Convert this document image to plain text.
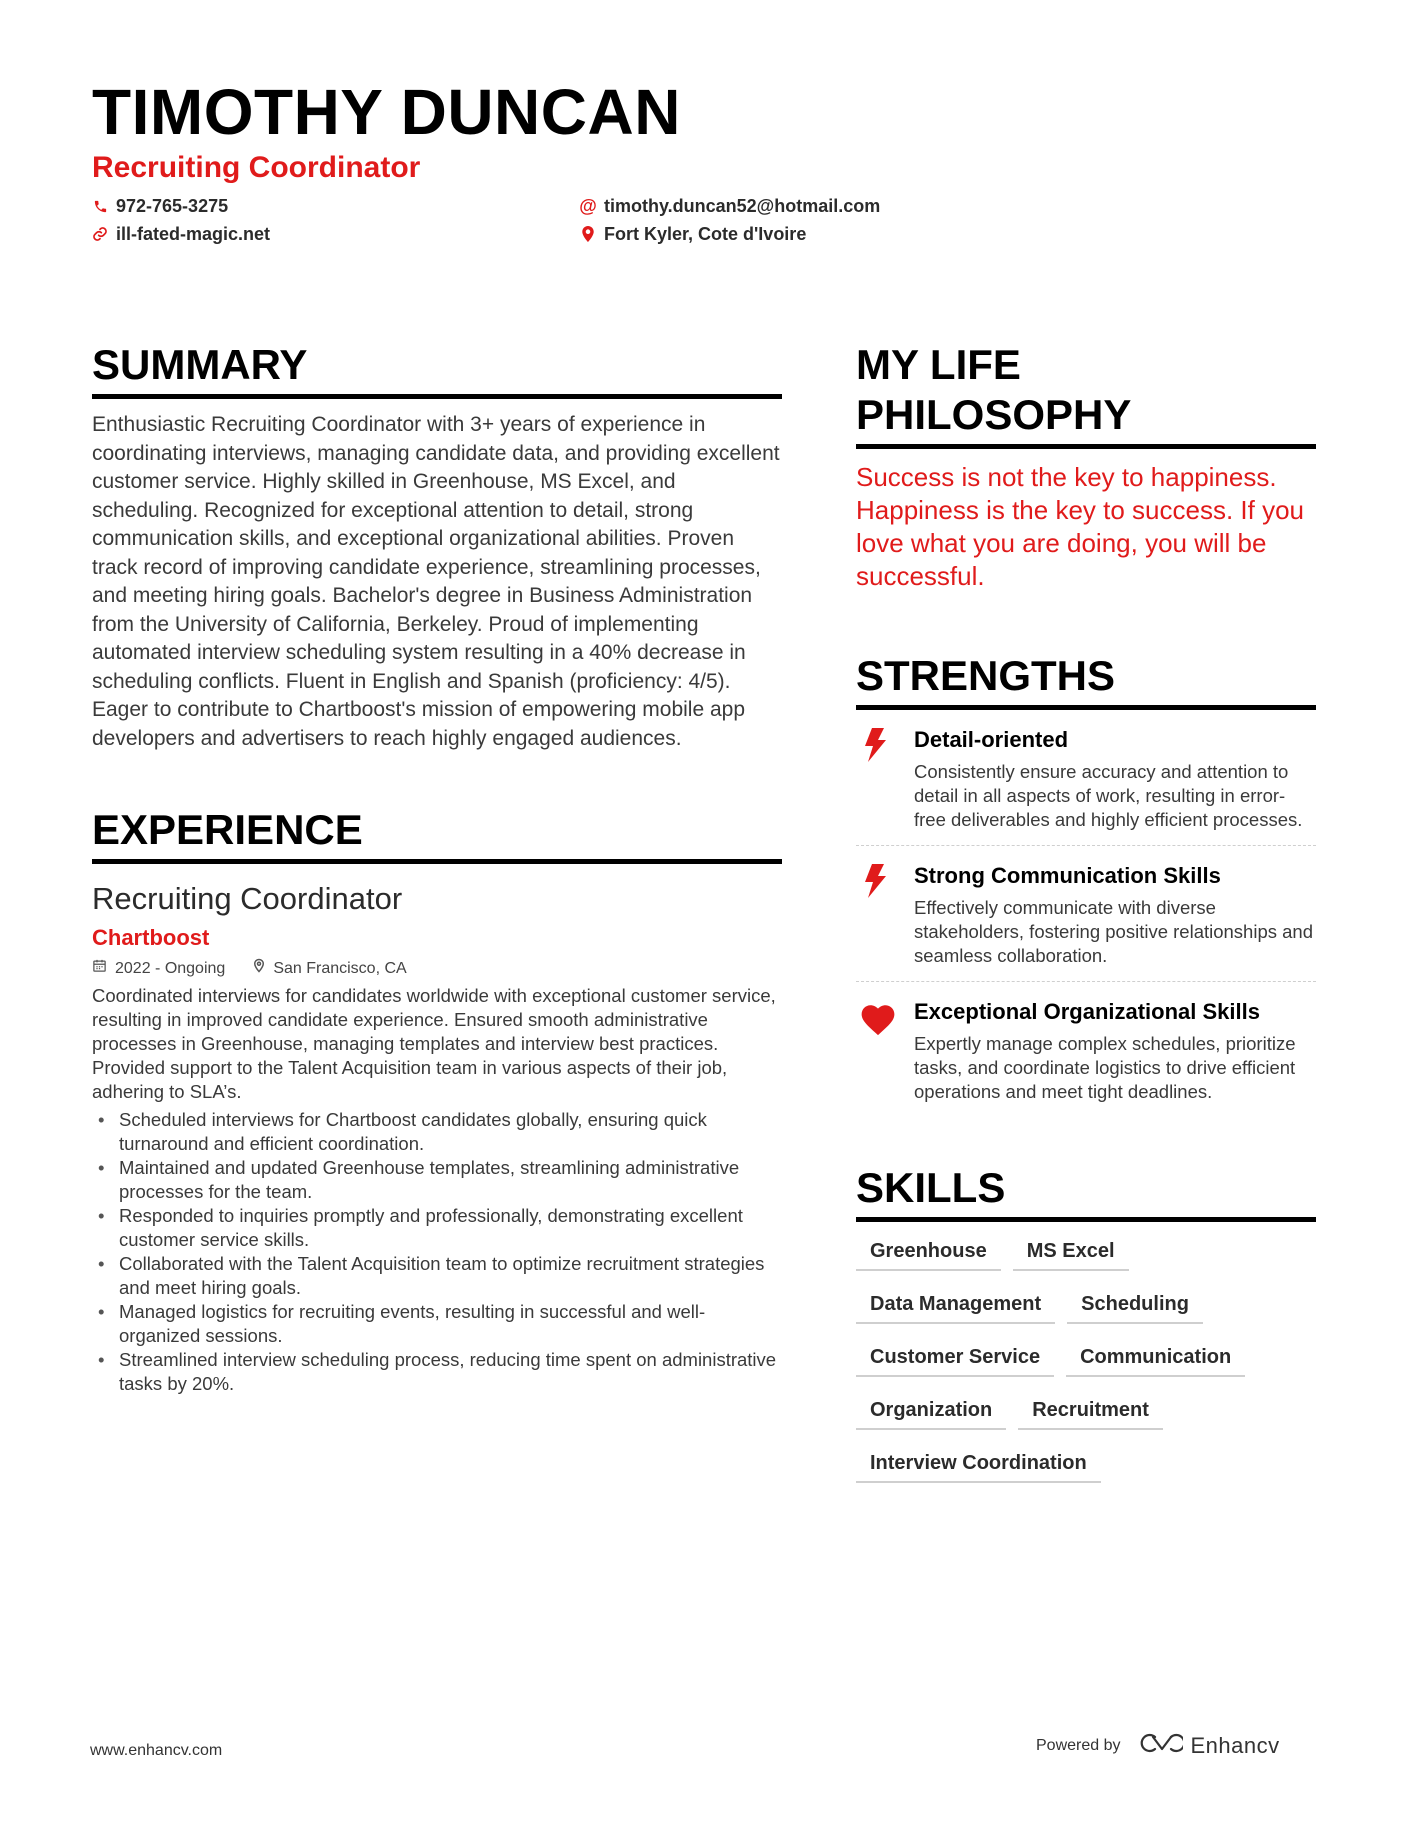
TIMOTHY DUNCAN
Recruiting Coordinator
972-765-3275	@ timothy.duncan52@hotmail.com
ill-fated-magic.net	Fort Kyler, Cote d'Ivoire
SUMMARY

Enthusiastic Recruiting Coordinator with 3+ years of experience in coordinating interviews, managing candidate data, and providing excellent customer service. Highly skilled in Greenhouse, MS Excel, and scheduling. Recognized for exceptional attention to detail, strong communication skills, and exceptional organizational abilities. Proven track record of improving candidate experience, streamlining processes, and meeting hiring goals. Bachelor's degree in Business Administration from the University of California, Berkeley. Proud of implementing automated interview scheduling system resulting in a 40% decrease in scheduling conflicts. Fluent in English and Spanish (proficiency: 4/5). Eager to contribute to Chartboost's mission of empowering mobile app developers and advertisers to reach highly engaged audiences.

EXPERIENCE
Recruiting Coordinator
Chartboost
2022 - Ongoing	San Francisco, CA

Coordinated interviews for candidates worldwide with exceptional customer service, resulting in improved candidate experience. Ensured smooth administrative processes in Greenhouse, managing templates and interview best practices. Provided support to the Talent Acquisition team in various aspects of their job, adhering to SLA’s.

• Scheduled interviews for Chartboost candidates globally, ensuring quick turnaround and efficient coordination.
• Maintained and updated Greenhouse templates, streamlining administrative processes for the team.
• Responded to inquiries promptly and professionally, demonstrating excellent customer service skills.
• Collaborated with the Talent Acquisition team to optimize recruitment strategies and meet hiring goals.
• Managed logistics for recruiting events, resulting in successful and well-organized sessions.
• Streamlined interview scheduling process, reducing time spent on administrative tasks by 20%.
MY LIFE
PHILOSOPHY

Success is not the key to happiness. Happiness is the key to success. If you love what you are doing, you will be successful.

STRENGTHS
Detail-oriented
Consistently ensure accuracy and attention to detail in all aspects of work, resulting in error-free deliverables and highly efficient processes.
Strong Communication Skills
Effectively communicate with diverse stakeholders, fostering positive relationships and seamless collaboration.
Exceptional Organizational Skills
Expertly manage complex schedules, prioritize tasks, and coordinate logistics to drive efficient operations and meet tight deadlines.
SKILLS
Greenhouse	MS Excel
Data Management	Scheduling
Customer Service	Communication
Organization	Recruitment
Interview Coordination
www.enhancv.com	Powered by	Enhancv
